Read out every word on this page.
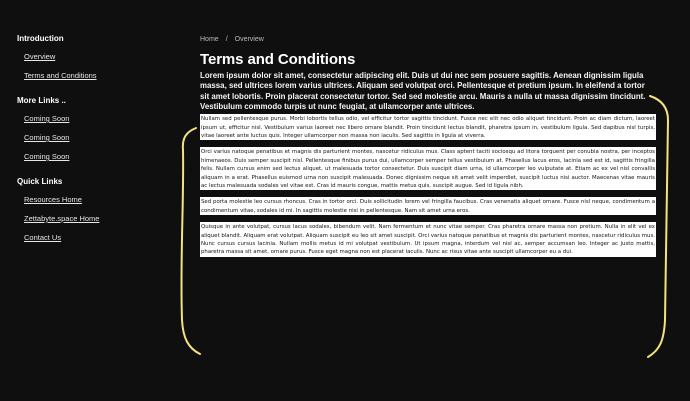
Introduction
Overview
Terms and Conditions
More Links ..
Coming Soon
Coming Soon
Coming Soon
Quick Links
Resources Home
Zettabyte.space Home
Contact Us
Home / Overview
Terms and Conditions

Lorem ipsum dolor sit amet, consectetur adipiscing elit. Duis ut dui nec sem posuere sagittis. Aenean dignissim ligula massa, sed ultrices lorem varius ultrices. Aliquam sed volutpat orci. Pellentesque et pretium ipsum. In eleifend a tortor sit amet lobortis. Proin placerat consectetur tortor. Sed sed molestie arcu. Mauris a nulla ut massa dignissim tincidunt. Vestibulum commodo turpis ut nunc feugiat, at ullamcorper ante ultrices.

Nullam sed pellentesque purus. Morbi lobortis tellus odio, vel efficitur tortor sagittis tincidunt. Fusce nec elit nec odio aliquet tincidunt. Proin ac diam dictum, laoreet ipsum ut, efficitur nisl. Vestibulum varius laoreet nec libero ornare blandit. Proin tincidunt lectus blandit, pharetra ipsum in, vestibulum ligula. Sed dapibus nisl turpis, vitae laoreet ante luctus quis. Integer ullamcorper non massa non iaculis. Sed sagittis in ligula at viverra.

Orci varius natoque penatibus et magnis dis parturient montes, nascetur ridiculus mus. Class aptent taciti sociosqu ad litora torquent per conubia nostra, per inceptos himenaeos. Duis semper suscipit nisl. Pellentesque finibus purus dui, ullamcorper semper tellus vestibulum at. Phasellus lacus eros, lacinia sed est id, sagittis fringilla felis. Nullam cursus enim sed lectus aliquet, ut malesuada tortor consectetur. Duis suscipit diam urna, id ullamcorper leo vulputate at. Etiam ac ex vel nisl convallis aliquam in a erat. Phasellus euismod urna non suscipit malesuada. Donec dignissim neque sit amet velit imperdiet, suscipit luctus nisi auctor. Maecenas vitae mauris ac lectus malesuada sodales vel vitae est. Cras id mauris congue, mattis metus quis, suscipit augue. Sed id ligula nibh.

Sed porta molestie leo cursus rhoncus. Cras in tortor orci. Duis sollicitudin lorem vel fringilla faucibus. Cras venenatis aliquet ornare. Fusce nisl neque, condimentum a condimentum vitae, sodales id mi. In sagittis molestie nisi in pellentesque. Nam sit amet urna eros.

Quisque in ante volutpat, cursus lacus sodales, bibendum velit. Nam fermentum et nunc vitae semper. Cras pharetra ornare massa non pretium. Nulla in elit vel ex aliquet blandit. Aliquam erat volutpat. Aliquam suscipit eu leo sit amet suscipit. Orci varius natoque penatibus et magnis dis parturient montes, nascetur ridiculus mus. Nunc cursus cursus lacinia. Nullam mollis metus id mi volutpat vestibulum. Ut ipsum magna, interdum vel nisl ac, semper accumsan leo. Integer ac justo mattis, pharetra massa sit amet, ornare purus. Fusce eget magna non est placerat iaculis. Nunc ac risus vitae ante suscipit ullamcorper eu a dui.
